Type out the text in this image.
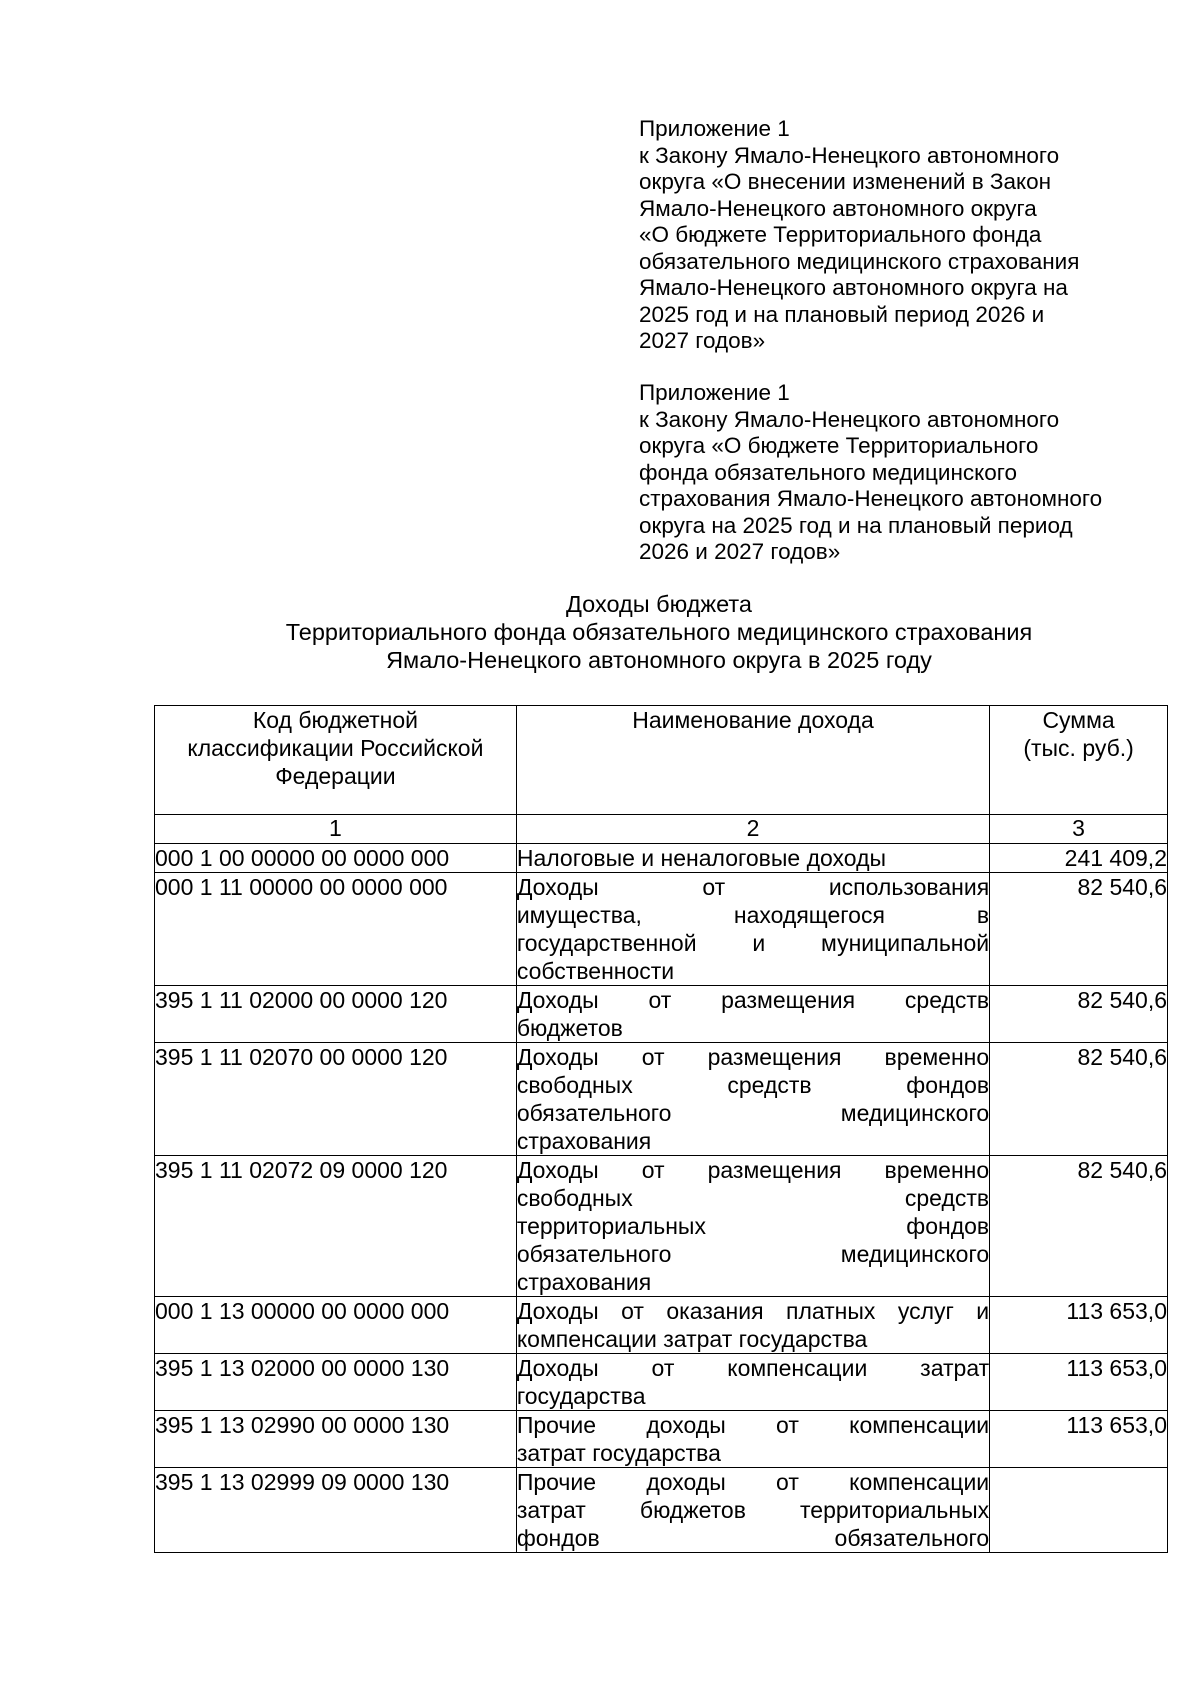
Приложение 1
к Закону Ямало-Ненецкого автономного
округа «О внесении изменений в Закон
Ямало-Ненецкого автономного округа
«О бюджете Территориального фонда
обязательного медицинского страхования
Ямало-Ненецкого автономного округа на
2025 год и на плановый период 2026 и
2027 годов»
Приложение 1
к Закону Ямало-Ненецкого автономного
округа «О бюджете Территориального
фонда обязательного медицинского
страхования Ямало-Ненецкого автономного
округа на 2025 год и на плановый период
2026 и 2027 годов»
Доходы бюджета
Территориального фонда обязательного медицинского страхования
Ямало-Ненецкого автономного округа в 2025 году
Код бюджетной
классификации Российской
Федерации	Наименование дохода	Сумма
(тыс. руб.)

1	2	3
000 1 00 00000 00 0000 000	Налоговые и неналоговые доходы	241 409,2
000 1 11 00000 00 0000 000	Доходы от использования
имущества, находящегося в
государственной и муниципальной
собственности	82 540,6
395 1 11 02000 00 0000 120	Доходы от размещения средств
бюджетов	82 540,6
395 1 11 02070 00 0000 120	Доходы от размещения временно
свободных средств фондов
обязательного медицинского
страхования	82 540,6
395 1 11 02072 09 0000 120	Доходы от размещения временно
свободных средств
территориальных фондов
обязательного медицинского
страхования	82 540,6
000 1 13 00000 00 0000 000	Доходы от оказания платных услуг и
компенсации затрат государства	113 653,0
395 1 13 02000 00 0000 130	Доходы от компенсации затрат
государства	113 653,0
395 1 13 02990 00 0000 130	Прочие доходы от компенсации
затрат государства	113 653,0
395 1 13 02999 09 0000 130	Прочие доходы от компенсации
затрат бюджетов территориальных
фондов обязательного	
